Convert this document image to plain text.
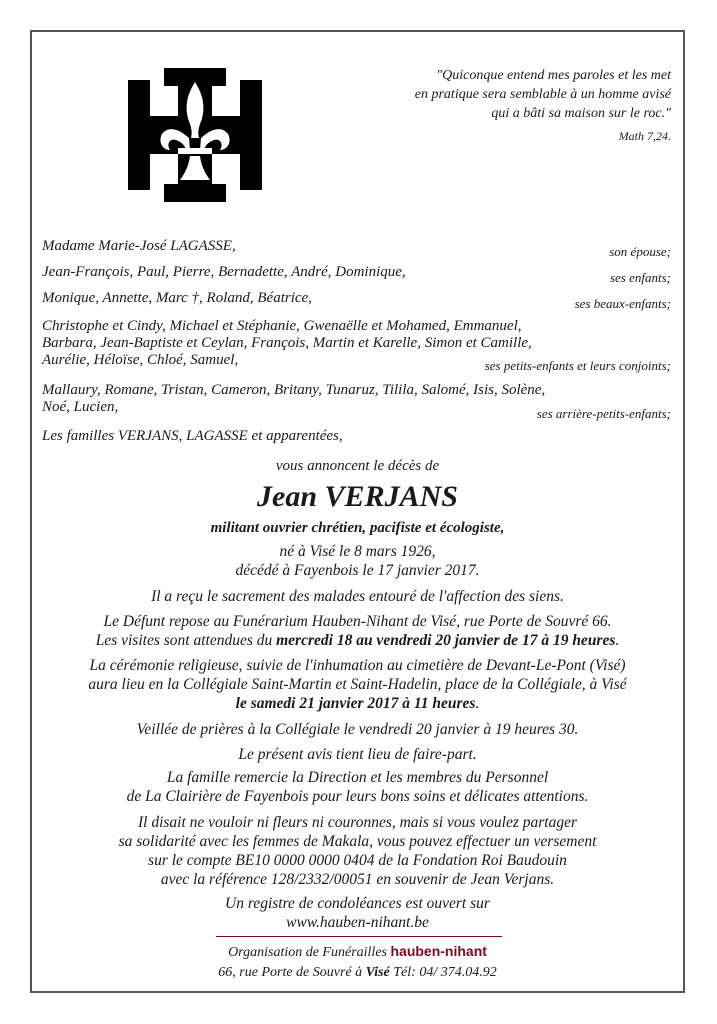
"Quiconque entend mes paroles et les met
en pratique sera semblable à un homme avisé
qui a bâti sa maison sur le roc."
Math 7,24.
Madame Marie-José LAGASSE,	son épouse;
Jean-François, Paul, Pierre, Bernadette, André, Dominique,	ses enfants;
Monique, Annette, Marc †, Roland, Béatrice,	ses beaux-enfants;
Christophe et Cindy, Michael et Stéphanie, Gwenaëlle et Mohamed, Emmanuel,
Barbara, Jean-Baptiste et Ceylan, François, Martin et Karelle, Simon et Camille,
Aurélie, Héloïse, Chloé, Samuel,	ses petits-enfants et leurs conjoints;
Mallaury, Romane, Tristan, Cameron, Britany, Tunaruz, Tilila, Salomé, Isis, Solène,
Noé, Lucien,	ses arrière-petits-enfants;
Les familles VERJANS, LAGASSE et apparentées,
vous annoncent le décès de
Jean VERJANS
militant ouvrier chrétien, pacifiste et écologiste,
né à Visé le 8 mars 1926,
décédé à Fayenbois le 17 janvier 2017.
Il a reçu le sacrement des malades entouré de l'affection des siens.
Le Défunt repose au Funérarium Hauben-Nihant de Visé, rue Porte de Souvré 66.
Les visites sont attendues du mercredi 18 au vendredi 20 janvier de 17 à 19 heures.
La cérémonie religieuse, suivie de l'inhumation au cimetière de Devant-Le-Pont (Visé)
aura lieu en la Collégiale Saint-Martin et Saint-Hadelin, place de la Collégiale, à Visé
le samedi 21 janvier 2017 à 11 heures.
Veillée de prières à la Collégiale le vendredi 20 janvier à 19 heures 30.
Le présent avis tient lieu de faire-part.
La famille remercie la Direction et les membres du Personnel
de La Clairière de Fayenbois pour leurs bons soins et délicates attentions.
Il disait ne vouloir ni fleurs ni couronnes, mais si vous voulez partager
sa solidarité avec les femmes de Makala, vous pouvez effectuer un versement
sur le compte BE10 0000 0000 0404 de la Fondation Roi Baudouin
avec la référence 128/2332/00051 en souvenir de Jean Verjans.
Un registre de condoléances est ouvert sur
www.hauben-nihant.be
Organisation de Funérailles hauben-nihant
66, rue Porte de Souvré à Visé Tél: 04/ 374.04.92
